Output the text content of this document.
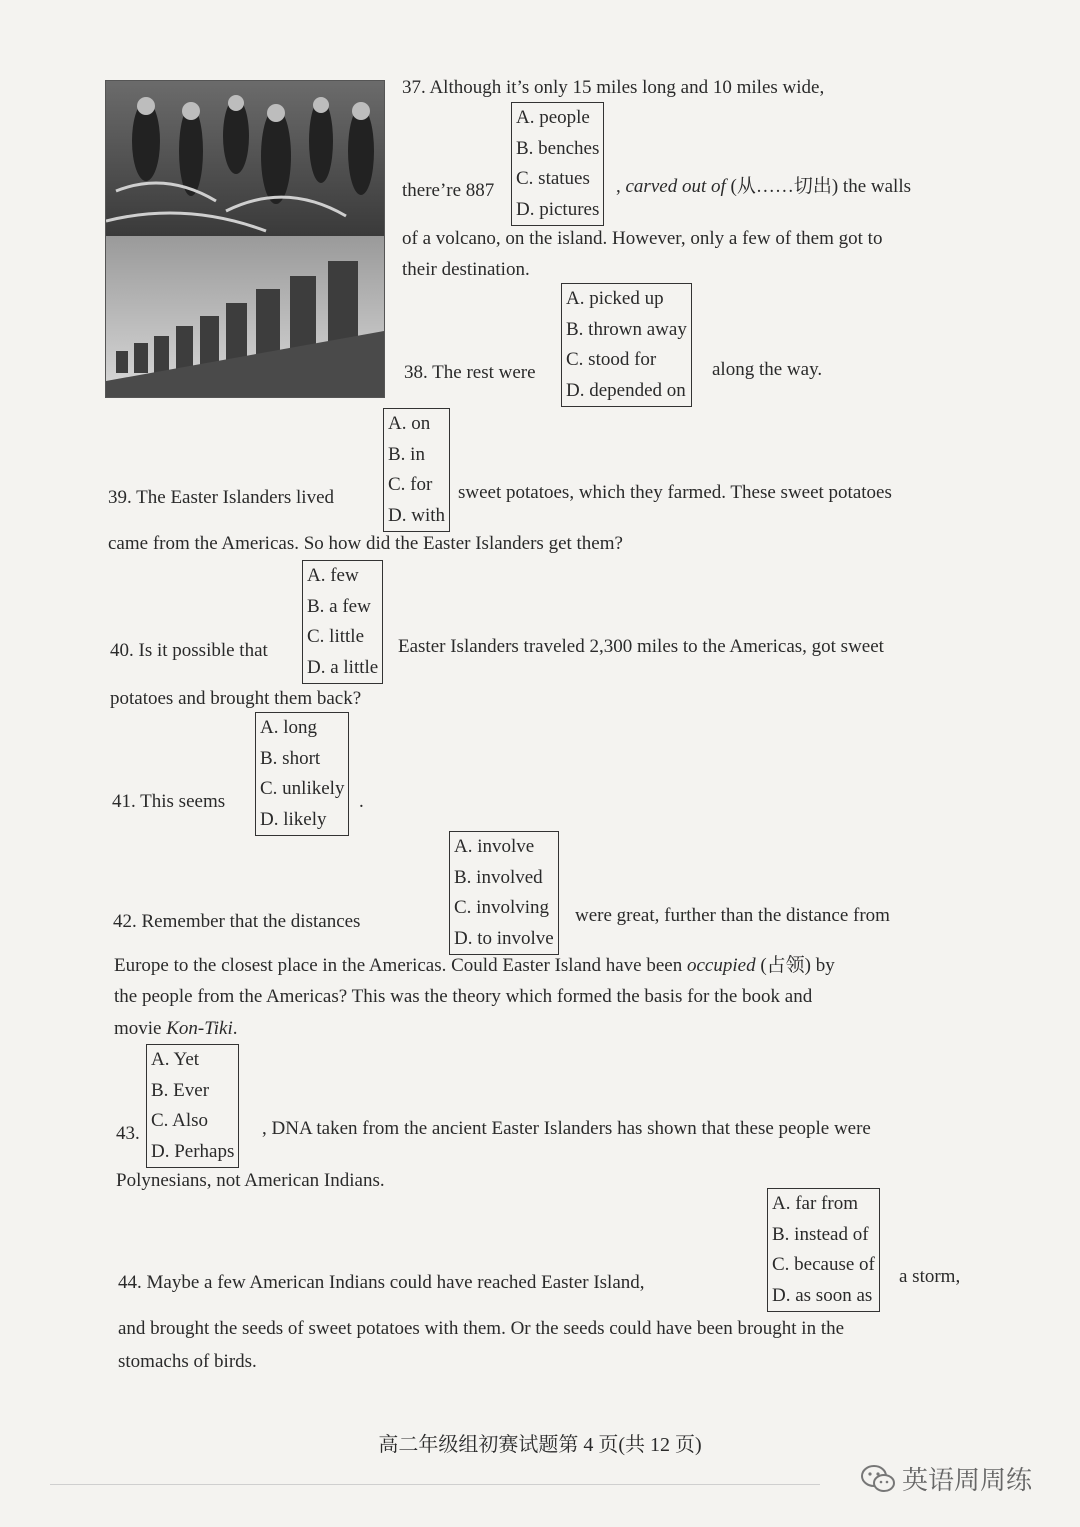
37. Although it’s only 15 miles long and 10 miles wide,
A. people
B. benches
C. statues
D. pictures
there’re 887	, carved out of (从……切出) the walls
of a volcano, on the island. However, only a few of them got to
their destination.
A. picked up
B. thrown away
C. stood for
D. depended on
38. The rest were	along the way.
A. on
B. in
C. for
D. with
39. The Easter Islanders lived	sweet potatoes, which they farmed. These sweet potatoes
came from the Americas. So how did the Easter Islanders get them?
A. few
B. a few
C. little
D. a little
40. Is it possible that	Easter Islanders traveled 2,300 miles to the Americas, got sweet
potatoes and brought them back?
A. long
B. short
C. unlikely
D. likely
41. This seems	.
A. involve
B. involved
C. involving
D. to involve
42. Remember that the distances	were great, further than the distance from
Europe to the closest place in the Americas. Could Easter Island have been occupied (占领) by
the people from the Americas? This was the theory which formed the basis for the book and
movie Kon-Tiki.
A. Yet
B. Ever
C. Also
D. Perhaps
43.	, DNA taken from the ancient Easter Islanders has shown that these people were
Polynesians, not American Indians.
A. far from
B. instead of
C. because of
D. as soon as
44. Maybe a few American Indians could have reached Easter Island,	a storm,
and brought the seeds of sweet potatoes with them. Or the seeds could have been brought in the
stomachs of birds.
高二年级组初赛试题第 4 页(共 12 页)
英语周周练
